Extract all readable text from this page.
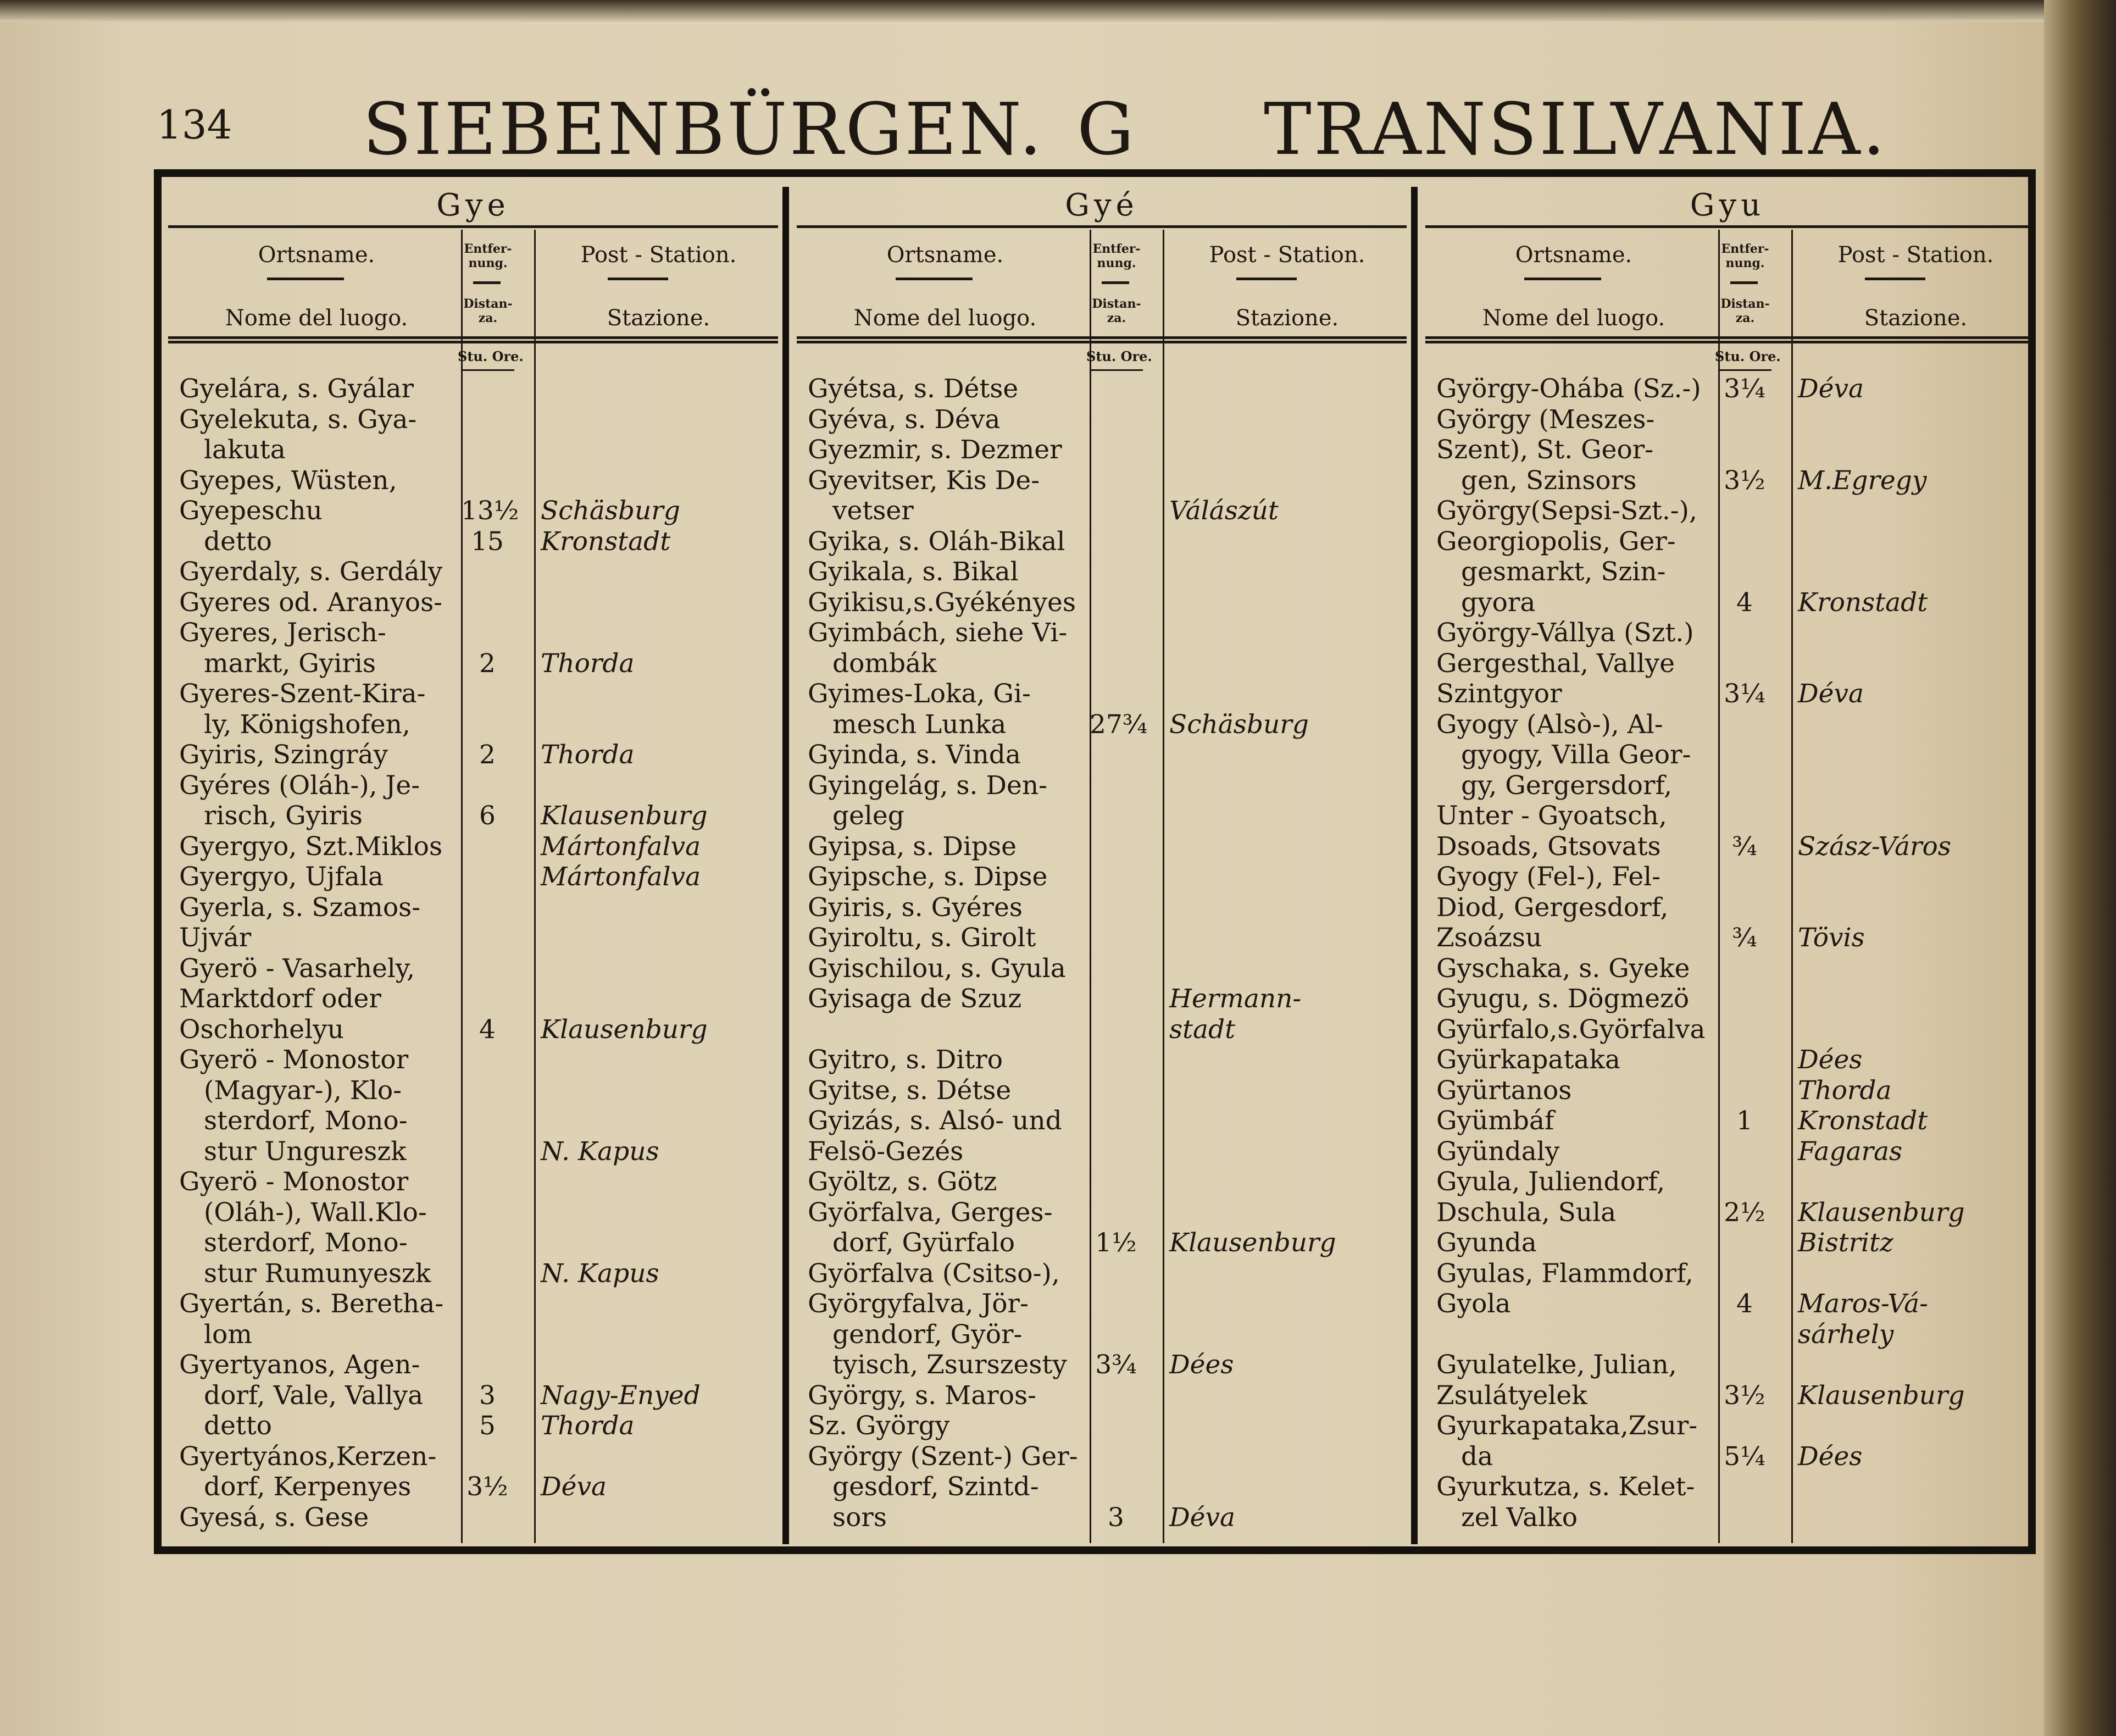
134 SIEBENBÜRGEN. G TRANSILVANIA.
Gye
Ortsname.
Nome del luogo.
Entfer-nung.
Distan-za.
Post - Station.
Stazione.
Stu. Ore.
Gyelára, s. Gyálar
Gyelekuta, s. Gya-
lakuta
Gyepes, Wüsten,
Gyepeschu	13½ Schäsburg
detto	15	Kronstadt
Gyerdaly, s. Gerdály
Gyeres od. Aranyos-
Gyeres, Jerisch-
markt, Gyiris	2	Thorda
Gyeres-Szent-Kira-
ly, Königshofen,
Gyiris, Szingráy	2	Thorda
Gyéres (Oláh-), Je-
risch, Gyiris	6	Klausenburg
Gyergyo, Szt.Miklos	Mártonfalva
Gyergyo, Ujfala	Mártonfalva
Gyerla, s. Szamos-
Ujvár
Gyerö - Vasarhely,
Marktdorf oder
Oschorhelyu	4	Klausenburg
Gyerö - Monostor
(Magyar-), Klo-
sterdorf, Mono-
stur Ungureszk	N. Kapus
Gyerö - Monostor
(Oláh-), Wall.Klo-
sterdorf, Mono-
stur Rumunyeszk	N. Kapus
Gyertán, s. Beretha-
lom
Gyertyanos, Agen-
dorf, Vale, Vallya	3	Nagy-Enyed
detto	5	Thorda
Gyertyános,Kerzen-
dorf, Kerpenyes 3½ Déva
Gyesá, s. Gese
Gyé
Ortsname.
Nome del luogo.
Entfer-nung.
Distan-za.
Post - Station.
Stazione.
Stu. Ore.
Gyétsa, s. Détse
Gyéva, s. Déva
Gyezmir, s. Dezmer
Gyevitser, Kis De-
vetser	Válászút
Gyika, s. Oláh-Bikal
Gyikala, s. Bikal
Gyikisu,s.Gyékényes
Gyimbách, siehe Vi-
dombák
Gyimes-Loka, Gi-
mesch Lunka	27¾ Schäsburg
Gyinda, s. Vinda
Gyingelág, s. Den-
geleg
Gyipsa, s. Dipse
Gyipsche, s. Dipse
Gyiris, s. Gyéres
Gyiroltu, s. Girolt
Gyischilou, s. Gyula
Gyisaga de Szuz	Hermann-
stadt
Gyitro, s. Ditro
Gyitse, s. Détse
Gyizás, s. Alsó- und
Felsö-Gezés
Gyöltz, s. Götz
Györfalva, Gerges-
dorf, Gyürfalo	1½ Klausenburg
Györfalva (Csitso-),
Györgyfalva, Jör-
gendorf, Györ-
tyisch, Zsurszesty 3¾ Dées
György, s. Maros-
Sz. György
György (Szent-) Ger-
gesdorf, Szintd-
sors	3	Déva
Gyu
Ortsname.
Nome del luogo.
Entfer-nung.
Distan-za.
Post - Station.
Stazione.
Stu. Ore.
György-Ohába (Sz.-) 3¼ Déva
György (Meszes-
Szent), St. Geor-
gen, Szinsors	3½ M.Egregy
György(Sepsi-Szt.-),
Georgiopolis, Ger-
gesmarkt, Szin-
gyora	4	Kronstadt
György-Vállya (Szt.)
Gergesthal, Vallye
Szintgyor	3¼ Déva
Gyogy (Alsò-), Al-
gyogy, Villa Geor-
gy, Gergersdorf,
Unter - Gyoatsch,
Dsoads, Gtsovats	¾	Szász-Város
Gyogy (Fel-), Fel-
Diod, Gergesdorf,
Zsoázsu	¾	Tövis
Gyschaka, s. Gyeke
Gyugu, s. Dögmezö
Gyürfalo,s.Györfalva
Gyürkapataka	Dées
Gyürtanos	Thorda
Gyümbáf	1	Kronstadt
Gyündaly	Fagaras
Gyula, Juliendorf,
Dschula, Sula	2½ Klausenburg
Gyunda	Bistritz
Gyulas, Flammdorf,
Gyola	4	Maros-Vá-
sárhely
Gyulatelke, Julian,
Zsulátyelek	3½ Klausenburg
Gyurkapataka,Zsur-
da	5¼ Dées
Gyurkutza, s. Kelet-
zel Valko
